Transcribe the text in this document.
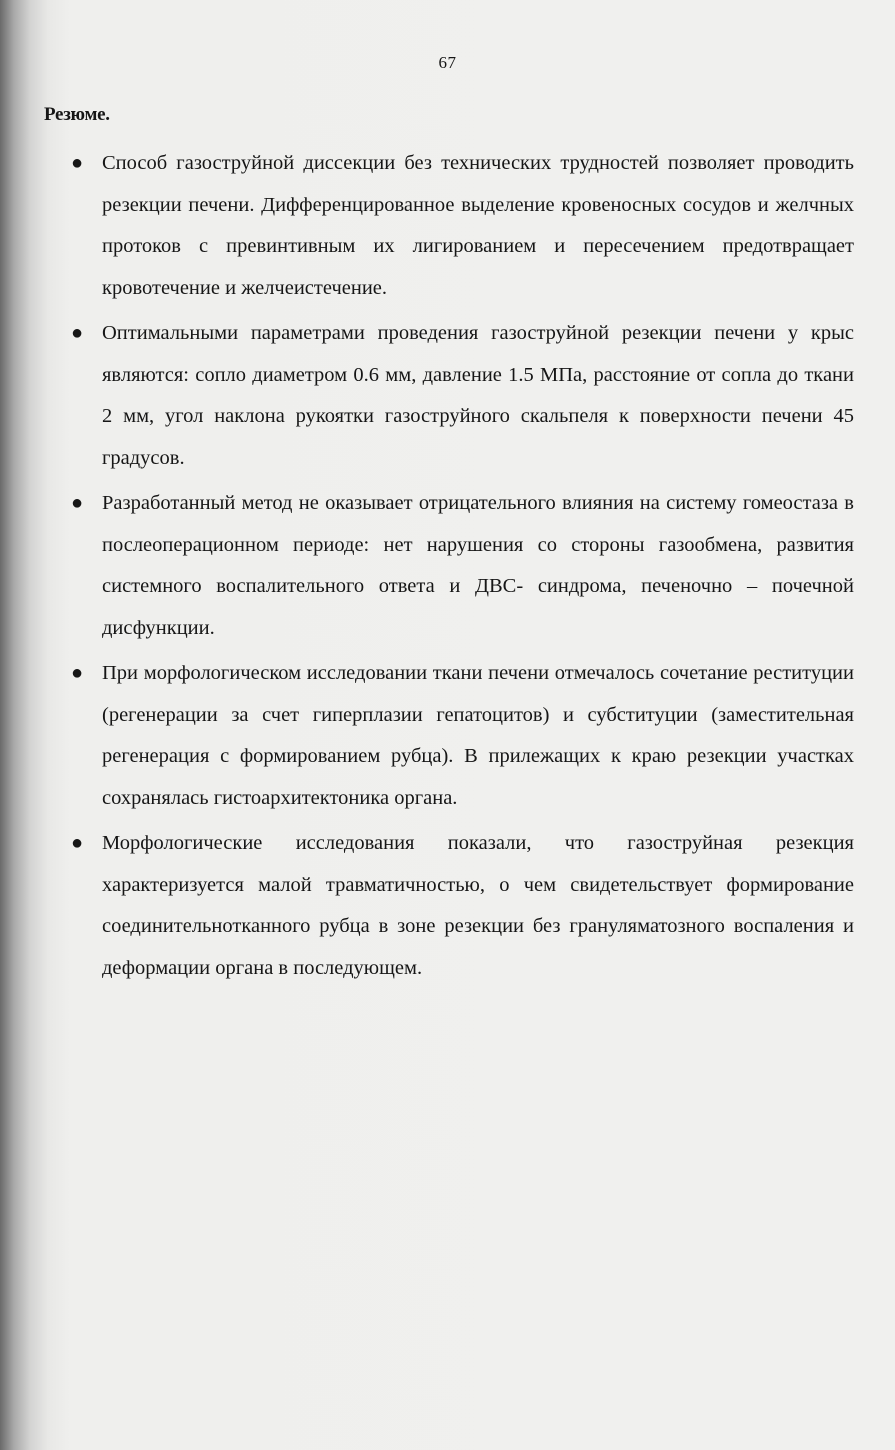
67
Резюме.
● Способ газоструйной диссекции без технических трудностей позволяет проводить резекции печени. Дифференцированное выделение кровеносных сосудов и желчных протоков с превинтивным их лигированием и пересечением предотвращает кровотечение и желчеистечение.
● Оптимальными параметрами проведения газоструйной резекции печени у крыс являются: сопло диаметром 0.6 мм, давление 1.5 МПа, расстояние от сопла до ткани 2 мм, угол наклона рукоятки газоструйного скальпеля к поверхности печени 45 градусов.
● Разработанный метод не оказывает отрицательного влияния на систему гомеостаза в послеоперационном периоде: нет нарушения со стороны газообмена, развития системного воспалительного ответа и ДВС- синдрома, печеночно – почечной дисфункции.
● При морфологическом исследовании ткани печени отмечалось сочетание реституции (регенерации за счет гиперплазии гепатоцитов) и субституции (заместительная регенерация с формированием рубца). В прилежащих к краю резекции участках сохранялась гистоархитектоника органа.
● Морфологические исследования показали, что газоструйная резекция характеризуется малой травматичностью, о чем свидетельствует формирование соединительнотканного рубца в зоне резекции без грануляматозного воспаления и деформации органа в последующем.
